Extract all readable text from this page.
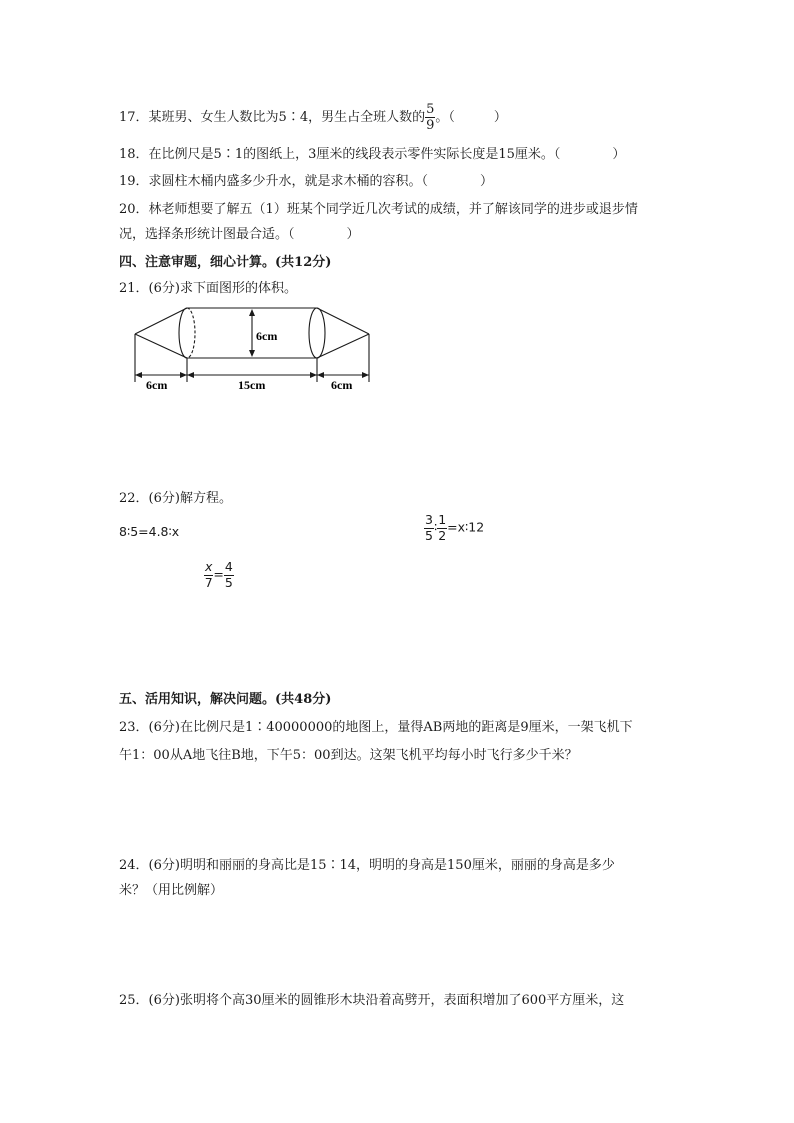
17．某班男、女生人数比为5∶4，男生占全班人数的 $\frac{5}{9}$ 。（　　　）
18．在比例尺是5∶1的图纸上，3厘米的线段表示零件实际长度是15厘米。（　　　　）
19．求圆柱木桶内盛多少升水，就是求木桶的容积。（　　　　）
20．林老师想要了解五（1）班某个同学近几次考试的成绩，并了解该同学的进步或退步情
况，选择条形统计图最合适。（　　　　）
四、注意审题，细心计算。(共12分)
21．(6分)求下面图形的体积。
6cm
6cm	15cm	6cm
22．(6分)解方程。
8∶5=4.8∶x	$\frac{3}{5}$ ∶ $\frac{1}{2}$ =x∶12
$\frac{x}{7} = \frac{4}{5}$
五、活用知识，解决问题。(共48分)
23．(6分)在比例尺是1∶40000000的地图上，量得AB两地的距离是9厘米，一架飞机下
午1：00从A地飞往B地，下午5：00到达。这架飞机平均每小时飞行多少千米？
24．(6分)明明和丽丽的身高比是15∶14，明明的身高是150厘米，丽丽的身高是多少
米？（用比例解）
25．(6分)张明将个高30厘米的圆锥形木块沿着高劈开，表面积增加了600平方厘米，这
